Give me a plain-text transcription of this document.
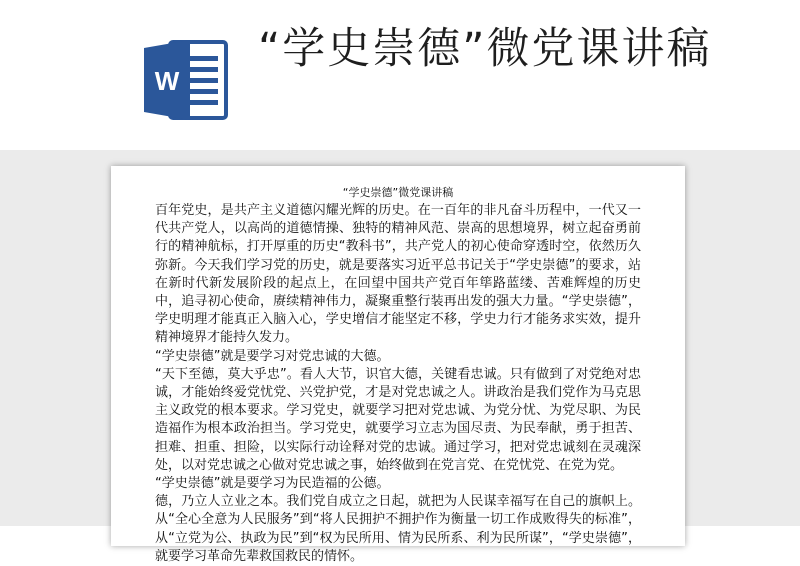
W
“学史崇德”微党课讲稿
“学史崇德”微党课讲稿

百年党史，是共产主义道德闪耀光辉的历史。在一百年的非凡奋斗历程中，一代又一代共产党人，以高尚的道德情操、独特的精神风范、崇高的思想境界，树立起奋勇前行的精神航标，打开厚重的历史“教科书”，共产党人的初心使命穿透时空，依然历久弥新。今天我们学习党的历史，就是要落实习近平总书记关于“学史崇德”的要求，站在新时代新发展阶段的起点上，在回望中国共产党百年筚路蓝缕、苦难辉煌的历史中，追寻初心使命，赓续精神伟力，凝聚重整行装再出发的强大力量。“学史崇德”，学史明理才能真正入脑入心，学史增信才能坚定不移，学史力行才能务求实效，提升精神境界才能持久发力。

“学史崇德”就是要学习对党忠诚的大德。

“天下至德，莫大乎忠”。看人大节，识官大德，关键看忠诚。只有做到了对党绝对忠诚，才能始终爱党忧党、兴党护党，才是对党忠诚之人。讲政治是我们党作为马克思主义政党的根本要求。学习党史，就要学习把对党忠诚、为党分忧、为党尽职、为民造福作为根本政治担当。学习党史，就要学习立志为国尽责、为民奉献，勇于担苦、担难、担重、担险，以实际行动诠释对党的忠诚。通过学习，把对党忠诚刻在灵魂深处，以对党忠诚之心做对党忠诚之事，始终做到在党言党、在党忧党、在党为党。

“学史崇德”就是要学习为民造福的公德。

德，乃立人立业之本。我们党自成立之日起，就把为人民谋幸福写在自己的旗帜上。从“全心全意为人民服务”到“将人民拥护不拥护作为衡量一切工作成败得失的标准”，从“立党为公、执政为民”到“权为民所用、情为民所系、利为民所谋”，“学史崇德”，就要学习革命先辈救国救民的情怀。
